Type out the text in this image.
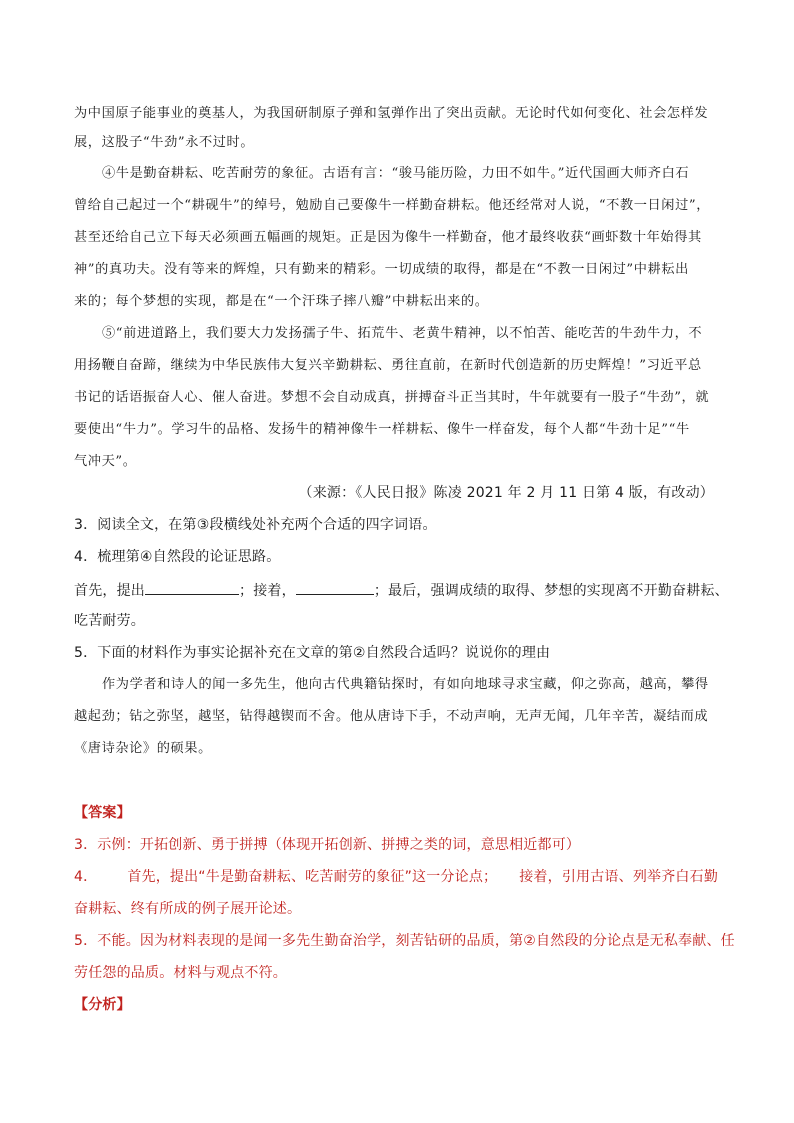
为中国原子能事业的奠基人，为我国研制原子弹和氢弹作出了突出贡献。无论时代如何变化、社会怎样发
展，这股子“牛劲”永不过时。
④牛是勤奋耕耘、吃苦耐劳的象征。古语有言：“骏马能历险，力田不如牛。”近代国画大师齐白石
曾给自己起过一个“耕砚牛”的绰号，勉励自己要像牛一样勤奋耕耘。他还经常对人说，“不教一日闲过”，
甚至还给自己立下每天必须画五幅画的规矩。正是因为像牛一样勤奋，他才最终收获“画虾数十年始得其
神”的真功夫。没有等来的辉煌，只有勤来的精彩。一切成绩的取得，都是在“不教一日闲过”中耕耘出
来的；每个梦想的实现，都是在“一个汗珠子摔八瓣”中耕耘出来的。
⑤“前进道路上，我们要大力发扬孺子牛、拓荒牛、老黄牛精神，以不怕苦、能吃苦的牛劲牛力，不
用扬鞭自奋蹄，继续为中华民族伟大复兴辛勤耕耘、勇往直前，在新时代创造新的历史辉煌！”习近平总
书记的话语振奋人心、催人奋进。梦想不会自动成真，拼搏奋斗正当其时，牛年就要有一股子“牛劲”，就
要使出“牛力”。学习牛的品格、发扬牛的精神像牛一样耕耘、像牛一样奋发，每个人都“牛劲十足”“牛
气冲天”。
（来源：《人民日报》陈凌 2021 年 2 月 11 日第 4 版，有改动）
3．阅读全文，在第③段横线处补充两个合适的四字词语。
4．梳理第④自然段的论证思路。
首先，提出	；接着，	；最后，强调成绩的取得、梦想的实现离不开勤奋耕耘、
吃苦耐劳。
5．下面的材料作为事实论据补充在文章的第②自然段合适吗？说说你的理由
作为学者和诗人的闻一多先生，他向古代典籍钻探时，有如向地球寻求宝藏，仰之弥高，越高，攀得
越起劲；钻之弥坚，越坚，钻得越锲而不舍。他从唐诗下手，不动声响，无声无闻，几年辛苦，凝结而成
《唐诗杂论》的硕果。
【答案】
3．示例：开拓创新、勇于拼搏（体现开拓创新、拼搏之类的词，意思相近都可）
4． 首先，提出“牛是勤奋耕耘、吃苦耐劳的象征”这一分论点； 接着，引用古语、列举齐白石勤
奋耕耘、终有所成的例子展开论述。
5．不能。因为材料表现的是闻一多先生勤奋治学，刻苦钻研的品质，第②自然段的分论点是无私奉献、任
劳任怨的品质。材料与观点不符。
【分析】
